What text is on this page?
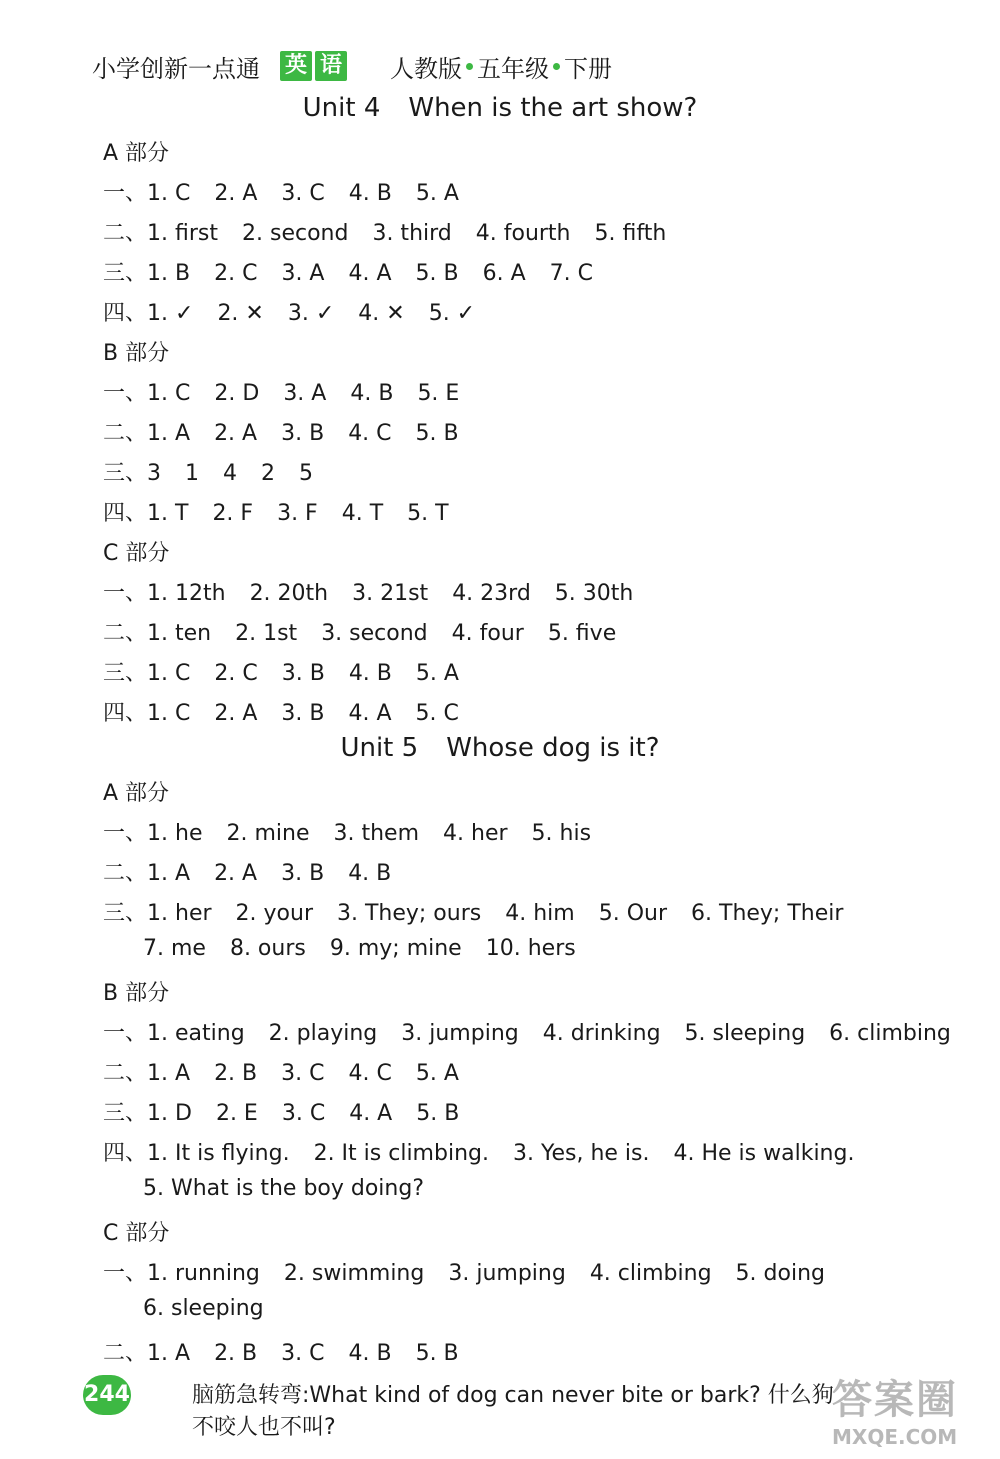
小学创新一点通 英 语 人教版 五年级 下册
Unit 4 When is the art show?
A 部分
一、1. C 2. A 3. C 4. B 5. A
二、1. first 2. second 3. third 4. fourth 5. fifth
三、1. B 2. C 3. A 4. A 5. B 6. A 7. C
四、1. ✓ 2. ✕ 3. ✓ 4. ✕ 5. ✓
B 部分
一、1. C 2. D 3. A 4. B 5. E
二、1. A 2. A 3. B 4. C 5. B
三、3 1 4 2 5
四、1. T 2. F 3. F 4. T 5. T
C 部分
一、1. 12th 2. 20th 3. 21st 4. 23rd 5. 30th
二、1. ten 2. 1st 3. second 4. four 5. five
三、1. C 2. C 3. B 4. B 5. A
四、1. C 2. A 3. B 4. A 5. C
Unit 5 Whose dog is it?
A 部分
一、1. he 2. mine 3. them 4. her 5. his
二、1. A 2. A 3. B 4. B
三、1. her 2. your 3. They; ours 4. him 5. Our 6. They; Their
7. me 8. ours 9. my; mine 10. hers
B 部分
一、1. eating 2. playing 3. jumping 4. drinking 5. sleeping 6. climbing
二、1. A 2. B 3. C 4. C 5. A
三、1. D 2. E 3. C 4. A 5. B
四、1. It is flying. 2. It is climbing. 3. Yes, he is. 4. He is walking.
5. What is the boy doing?
C 部分
一、1. running 2. swimming 3. jumping 4. climbing 5. doing
6. sleeping
二、1. A 2. B 3. C 4. B 5. B
244	脑筋急转弯:What kind of dog can never bite or bark? 什么狗
不咬人也不叫?
答案圈
MXQE.COM
